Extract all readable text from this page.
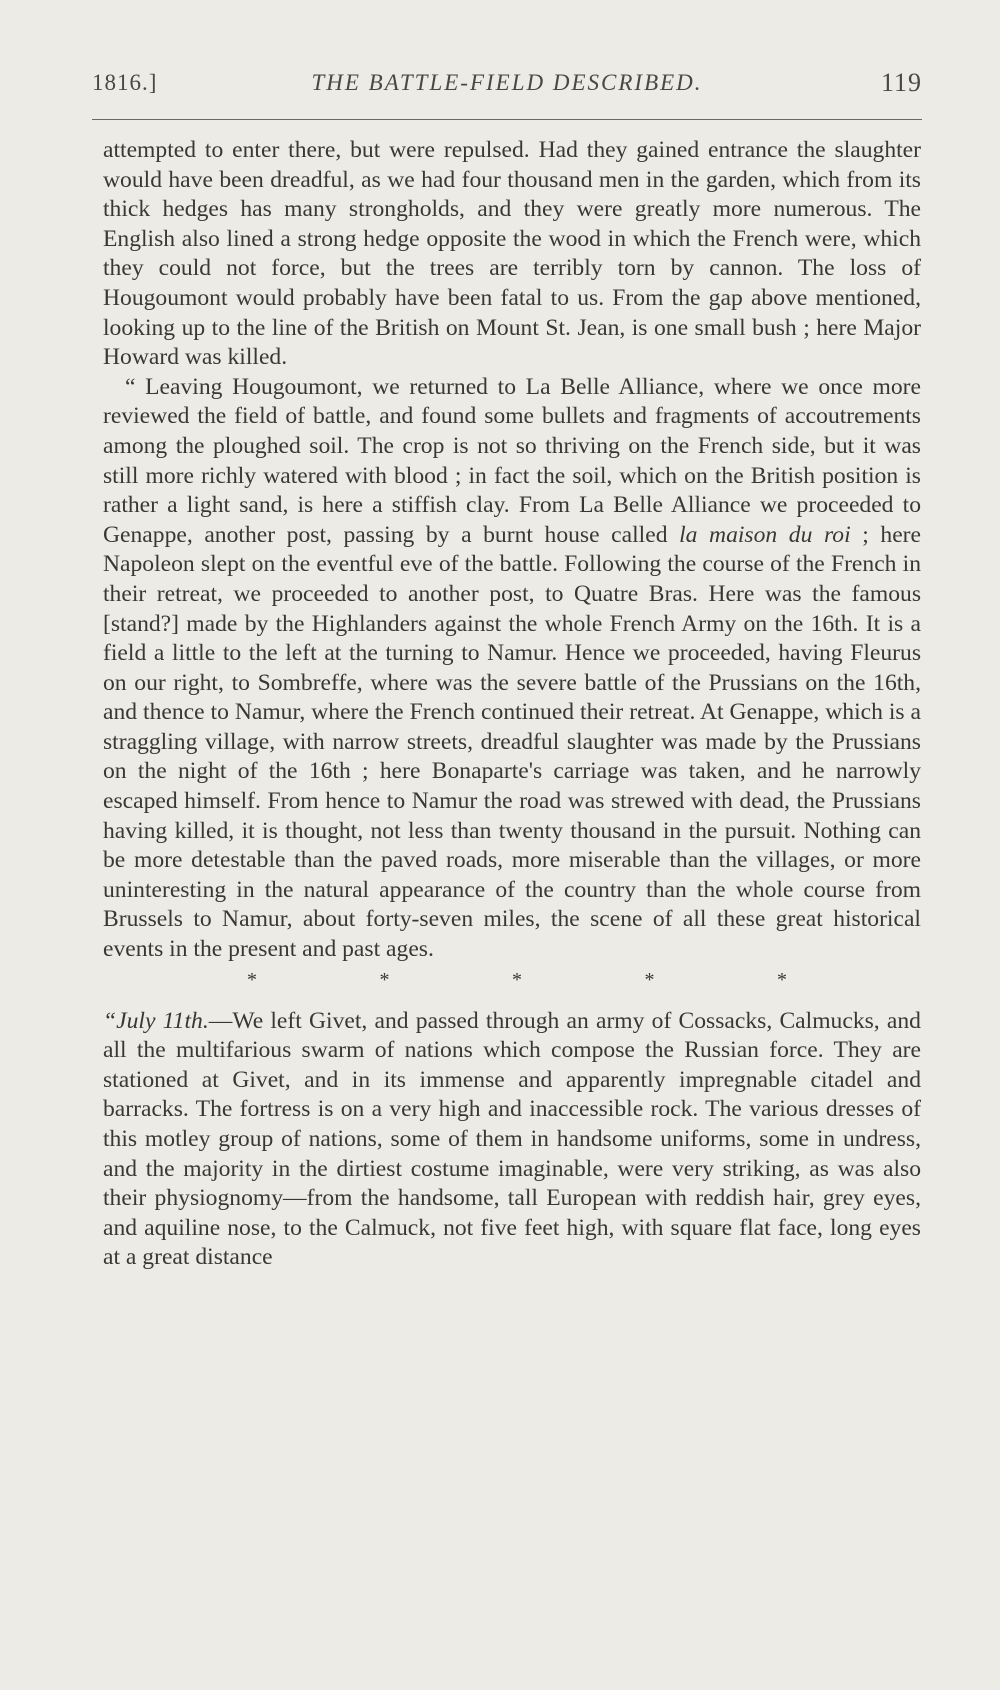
1816.]	THE BATTLE-FIELD DESCRIBED.	119

attempted to enter there, but were repulsed. Had they gained entrance the slaughter would have been dreadful, as we had four thousand men in the garden, which from its thick hedges has many strongholds, and they were greatly more numerous. The English also lined a strong hedge opposite the wood in which the French were, which they could not force, but the trees are terribly torn by cannon. The loss of Hougoumont would probably have been fatal to us. From the gap above mentioned, looking up to the line of the British on Mount St. Jean, is one small bush ; here Major Howard was killed.

“ Leaving Hougoumont, we returned to La Belle Alliance, where we once more reviewed the field of battle, and found some bullets and fragments of accoutrements among the ploughed soil. The crop is not so thriving on the French side, but it was still more richly watered with blood ; in fact the soil, which on the British position is rather a light sand, is here a stiffish clay. From La Belle Alliance we proceeded to Genappe, another post, passing by a burnt house called la maison du roi ; here Napoleon slept on the eventful eve of the battle. Following the course of the French in their retreat, we proceeded to another post, to Quatre Bras. Here was the famous [stand?] made by the Highlanders against the whole French Army on the 16th. It is a field a little to the left at the turning to Namur. Hence we proceeded, having Fleurus on our right, to Sombreffe, where was the severe battle of the Prussians on the 16th, and thence to Namur, where the French continued their retreat. At Genappe, which is a straggling village, with narrow streets, dreadful slaughter was made by the Prussians on the night of the 16th ; here Bonaparte's carriage was taken, and he narrowly escaped himself. From hence to Namur the road was strewed with dead, the Prussians having killed, it is thought, not less than twenty thousand in the pursuit. Nothing can be more detestable than the paved roads, more miserable than the villages, or more uninteresting in the natural appearance of the country than the whole course from Brussels to Namur, about forty-seven miles, the scene of all these great historical events in the present and past ages.

*	*	*	*	*

“July 11th.—We left Givet, and passed through an army of Cossacks, Calmucks, and all the multifarious swarm of nations which compose the Russian force. They are stationed at Givet, and in its immense and apparently impregnable citadel and barracks. The fortress is on a very high and inaccessible rock. The various dresses of this motley group of nations, some of them in handsome uniforms, some in undress, and the majority in the dirtiest costume imaginable, were very striking, as was also their physiognomy—from the handsome, tall European with reddish hair, grey eyes, and aquiline nose, to the Calmuck, not five feet high, with square flat face, long eyes at a great distance
